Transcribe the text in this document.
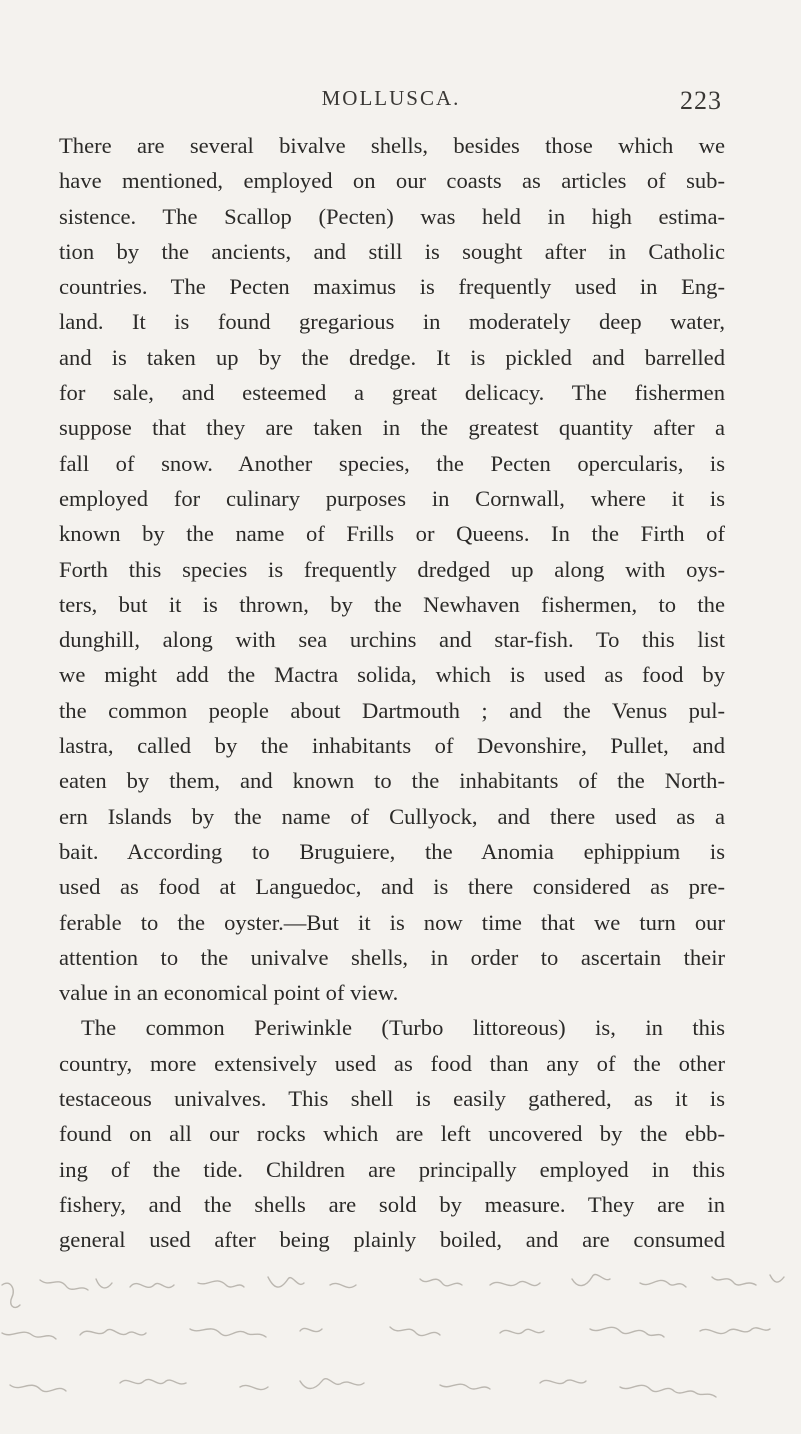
MOLLUSCA.	223
There are several bivalve shells, besides those which we
have mentioned, employed on our coasts as articles of sub-
sistence. The Scallop (Pecten) was held in high estima-
tion by the ancients, and still is sought after in Catholic
countries. The Pecten maximus is frequently used in Eng-
land. It is found gregarious in moderately deep water,
and is taken up by the dredge. It is pickled and barrelled
for sale, and esteemed a great delicacy. The fishermen
suppose that they are taken in the greatest quantity after a
fall of snow. Another species, the Pecten opercularis, is
employed for culinary purposes in Cornwall, where it is
known by the name of Frills or Queens. In the Firth of
Forth this species is frequently dredged up along with oys-
ters, but it is thrown, by the Newhaven fishermen, to the
dunghill, along with sea urchins and star-fish. To this list
we might add the Mactra solida, which is used as food by
the common people about Dartmouth ; and the Venus pul-
lastra, called by the inhabitants of Devonshire, Pullet, and
eaten by them, and known to the inhabitants of the North-
ern Islands by the name of Cullyock, and there used as a
bait. According to Bruguiere, the Anomia ephippium is
used as food at Languedoc, and is there considered as pre-
ferable to the oyster.—But it is now time that we turn our
attention to the univalve shells, in order to ascertain their
value in an economical point of view.
The common Periwinkle (Turbo littoreous) is, in this
country, more extensively used as food than any of the other
testaceous univalves. This shell is easily gathered, as it is
found on all our rocks which are left uncovered by the ebb-
ing of the tide. Children are principally employed in this
fishery, and the shells are sold by measure. They are in
general used after being plainly boiled, and are consumed
